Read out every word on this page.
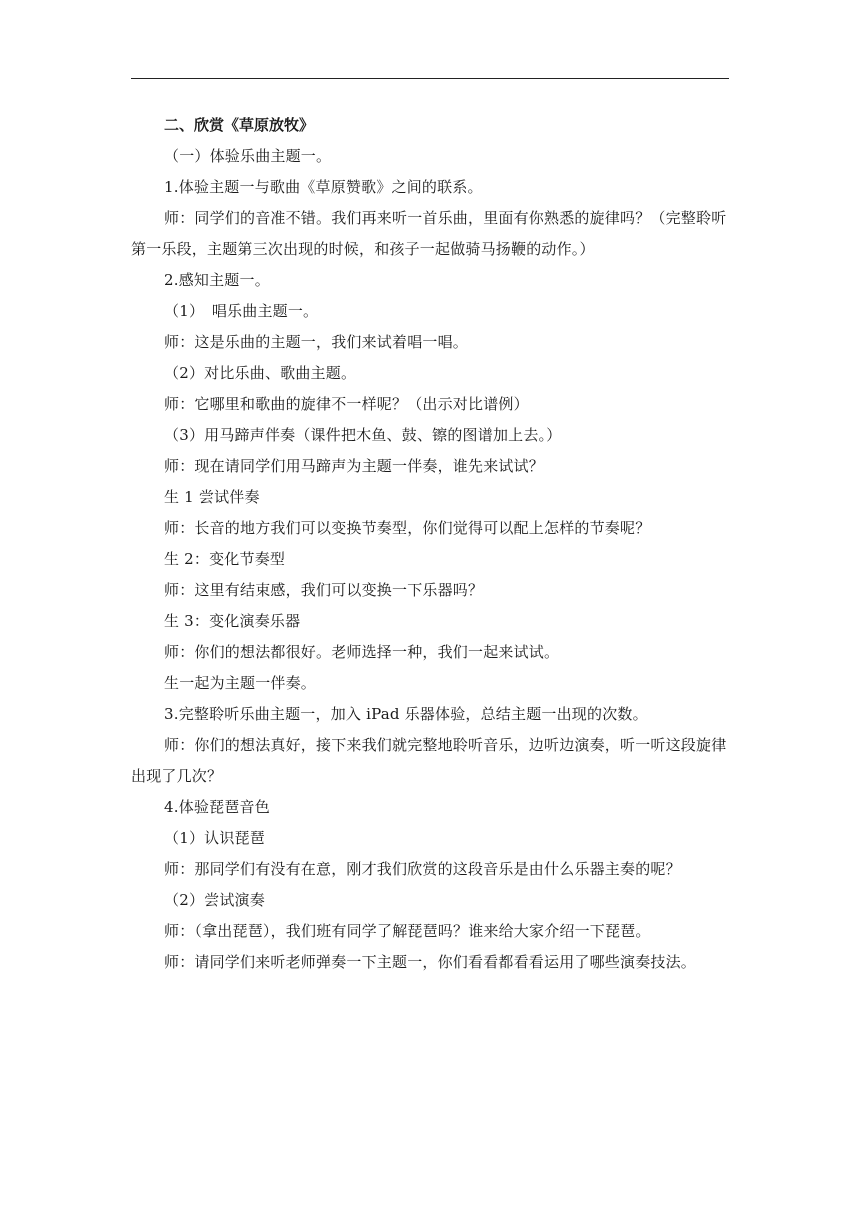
二、欣赏《草原放牧》

（一）体验乐曲主题一。

1.体验主题一与歌曲《草原赞歌》之间的联系。

师：同学们的音准不错。我们再来听一首乐曲，里面有你熟悉的旋律吗？（完整聆听第一乐段，主题第三次出现的时候，和孩子一起做骑马扬鞭的动作。）

2.感知主题一。

（1）　唱乐曲主题一。

师：这是乐曲的主题一，我们来试着唱一唱。

（2）对比乐曲、歌曲主题。

师：它哪里和歌曲的旋律不一样呢？（出示对比谱例）

（3）用马蹄声伴奏（课件把木鱼、鼓、镲的图谱加上去。）

师：现在请同学们用马蹄声为主题一伴奏，谁先来试试？

生 1 尝试伴奏

师：长音的地方我们可以变换节奏型，你们觉得可以配上怎样的节奏呢？

生 2：变化节奏型

师：这里有结束感，我们可以变换一下乐器吗？

生 3：变化演奏乐器

师：你们的想法都很好。老师选择一种，我们一起来试试。

生一起为主题一伴奏。

3.完整聆听乐曲主题一，加入 iPad 乐器体验，总结主题一出现的次数。

师：你们的想法真好，接下来我们就完整地聆听音乐，边听边演奏，听一听这段旋律出现了几次？

4.体验琵琶音色

（1）认识琵琶

师：那同学们有没有在意，刚才我们欣赏的这段音乐是由什么乐器主奏的呢？

（2）尝试演奏

师：（拿出琵琶），我们班有同学了解琵琶吗？谁来给大家介绍一下琵琶。

师：请同学们来听老师弹奏一下主题一，你们看看都看看运用了哪些演奏技法。
